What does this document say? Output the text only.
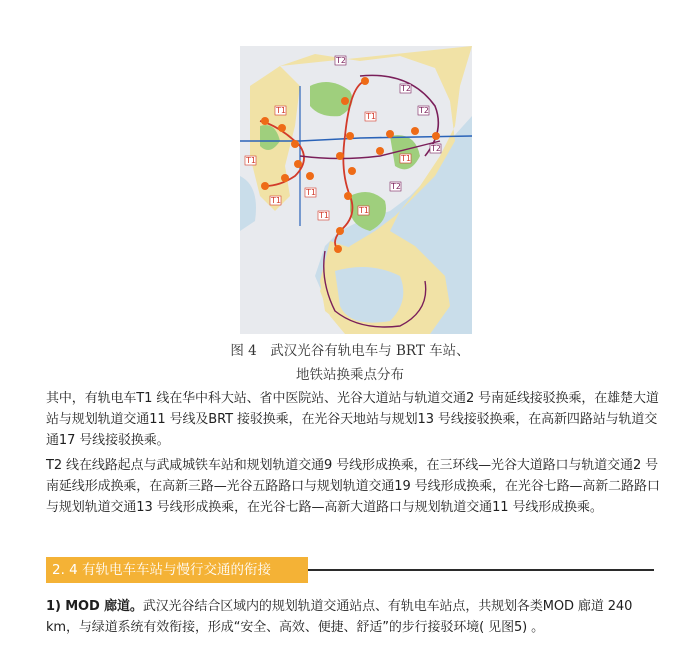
T2
T2
T1
T1
T1
T1
T2
T1
T1
T1
T2
T2
T1
图 4　武汉光谷有轨电车与 BRT 车站、
地铁站换乘点分布

其中，有轨电车T1 线在华中科大站、省中医院站、光谷大道站与轨道交通2 号南延线接驳换乘，在雄楚大道站与规划轨道交通11 号线及BRT 接驳换乘，在光谷天地站与规划13 号线接驳换乘，在高新四路站与轨道交通17 号线接驳换乘。

T2 线在线路起点与武咸城铁车站和规划轨道交通9 号线形成换乘，在三环线—光谷大道路口与轨道交通2 号南延线形成换乘，在高新三路—光谷五路路口与规划轨道交通19 号线形成换乘，在光谷七路—高新二路路口与规划轨道交通13 号线形成换乘，在光谷七路—高新大道路口与规划轨道交通11 号线形成换乘。

2. 4 有轨电车车站与慢行交通的衔接

1) MOD 廊道。武汉光谷结合区域内的规划轨道交通站点、有轨电车站点，共规划各类MOD 廊道 240 km，与绿道系统有效衔接，形成“安全、高效、便捷、舒适”的步行接驳环境( 见图5) 。
